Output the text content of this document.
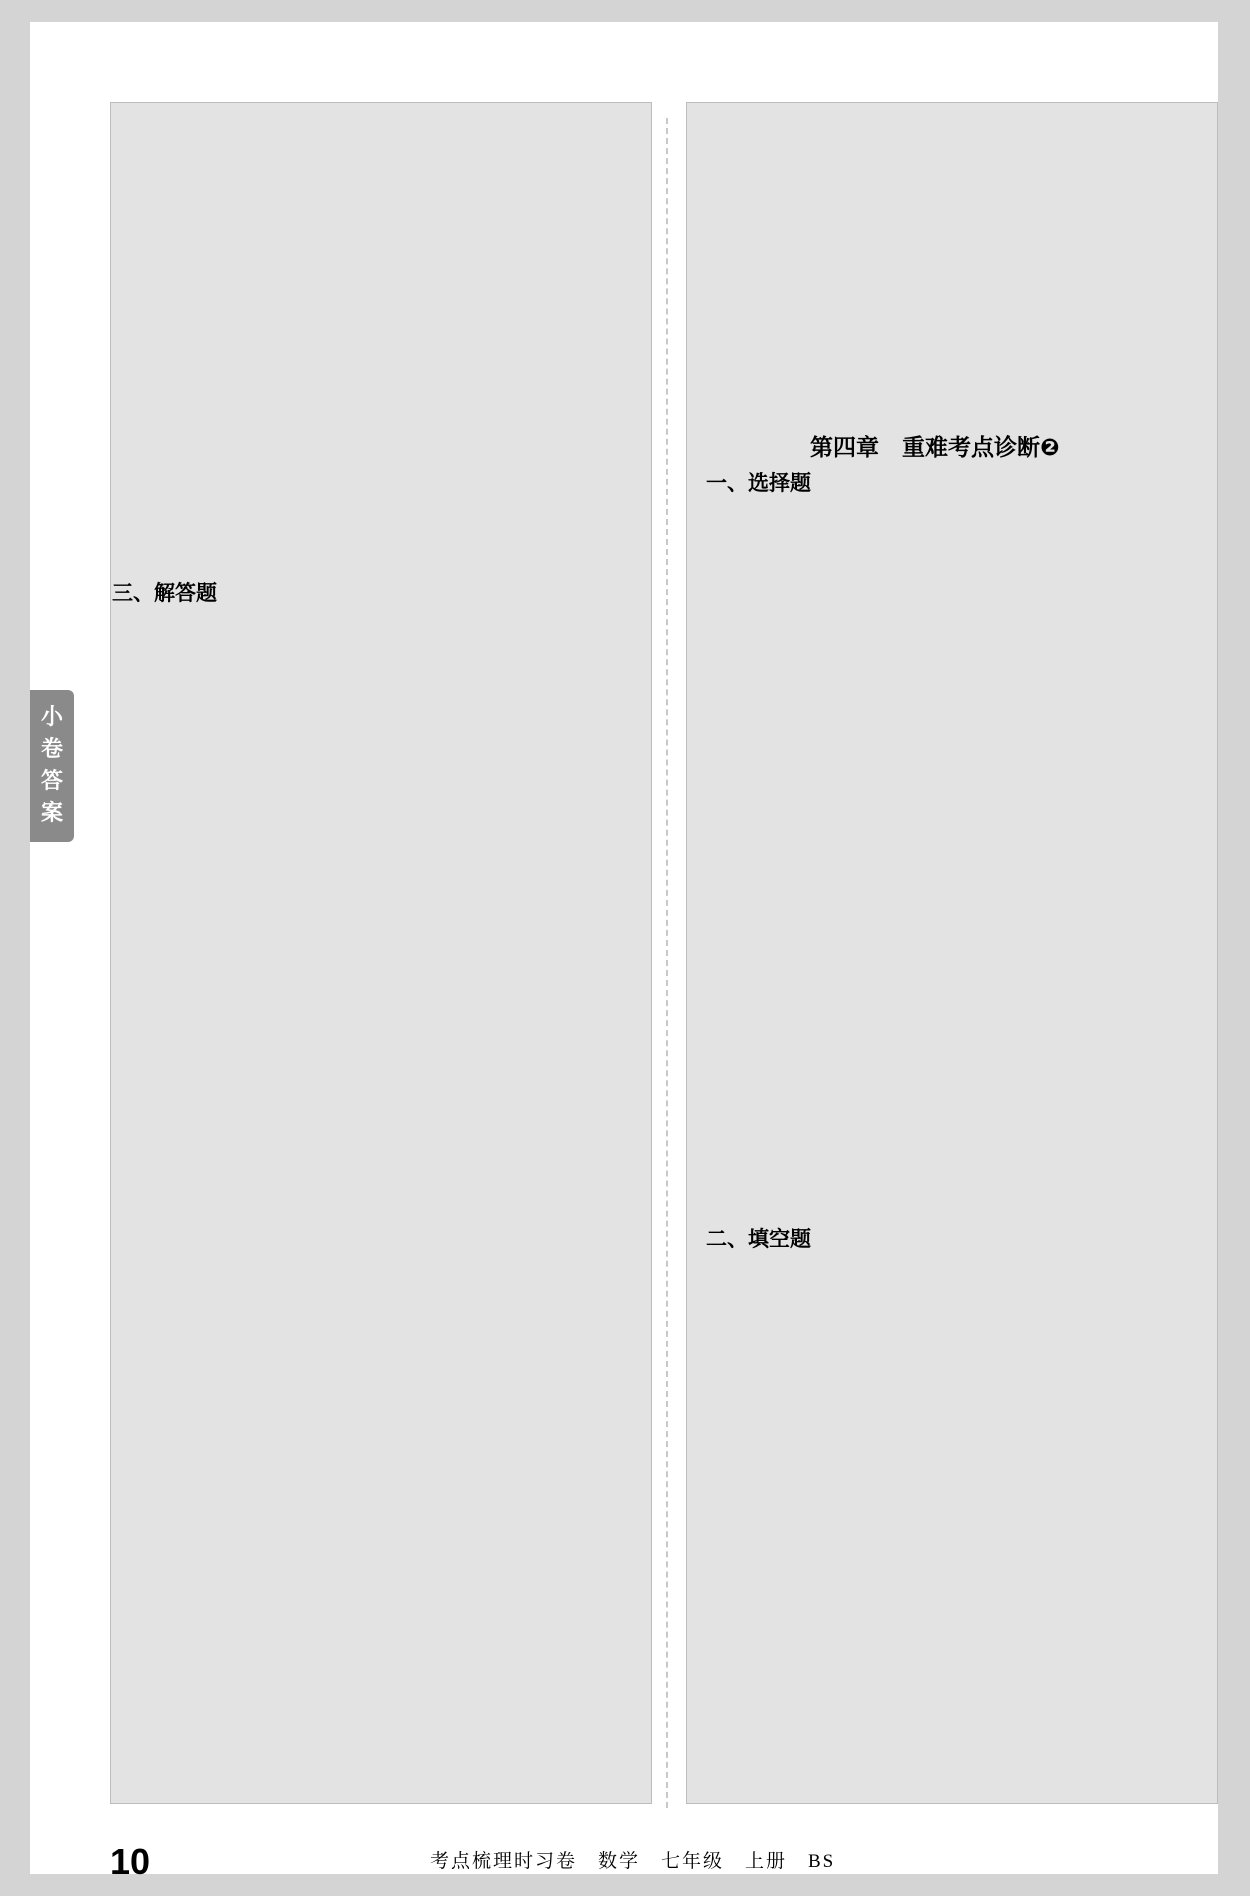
小卷答案
第四章　重难考点诊断❷
三、解答题
一、选择题
二、填空题
10	考点梳理时习卷　数学　七年级　上册　BS
